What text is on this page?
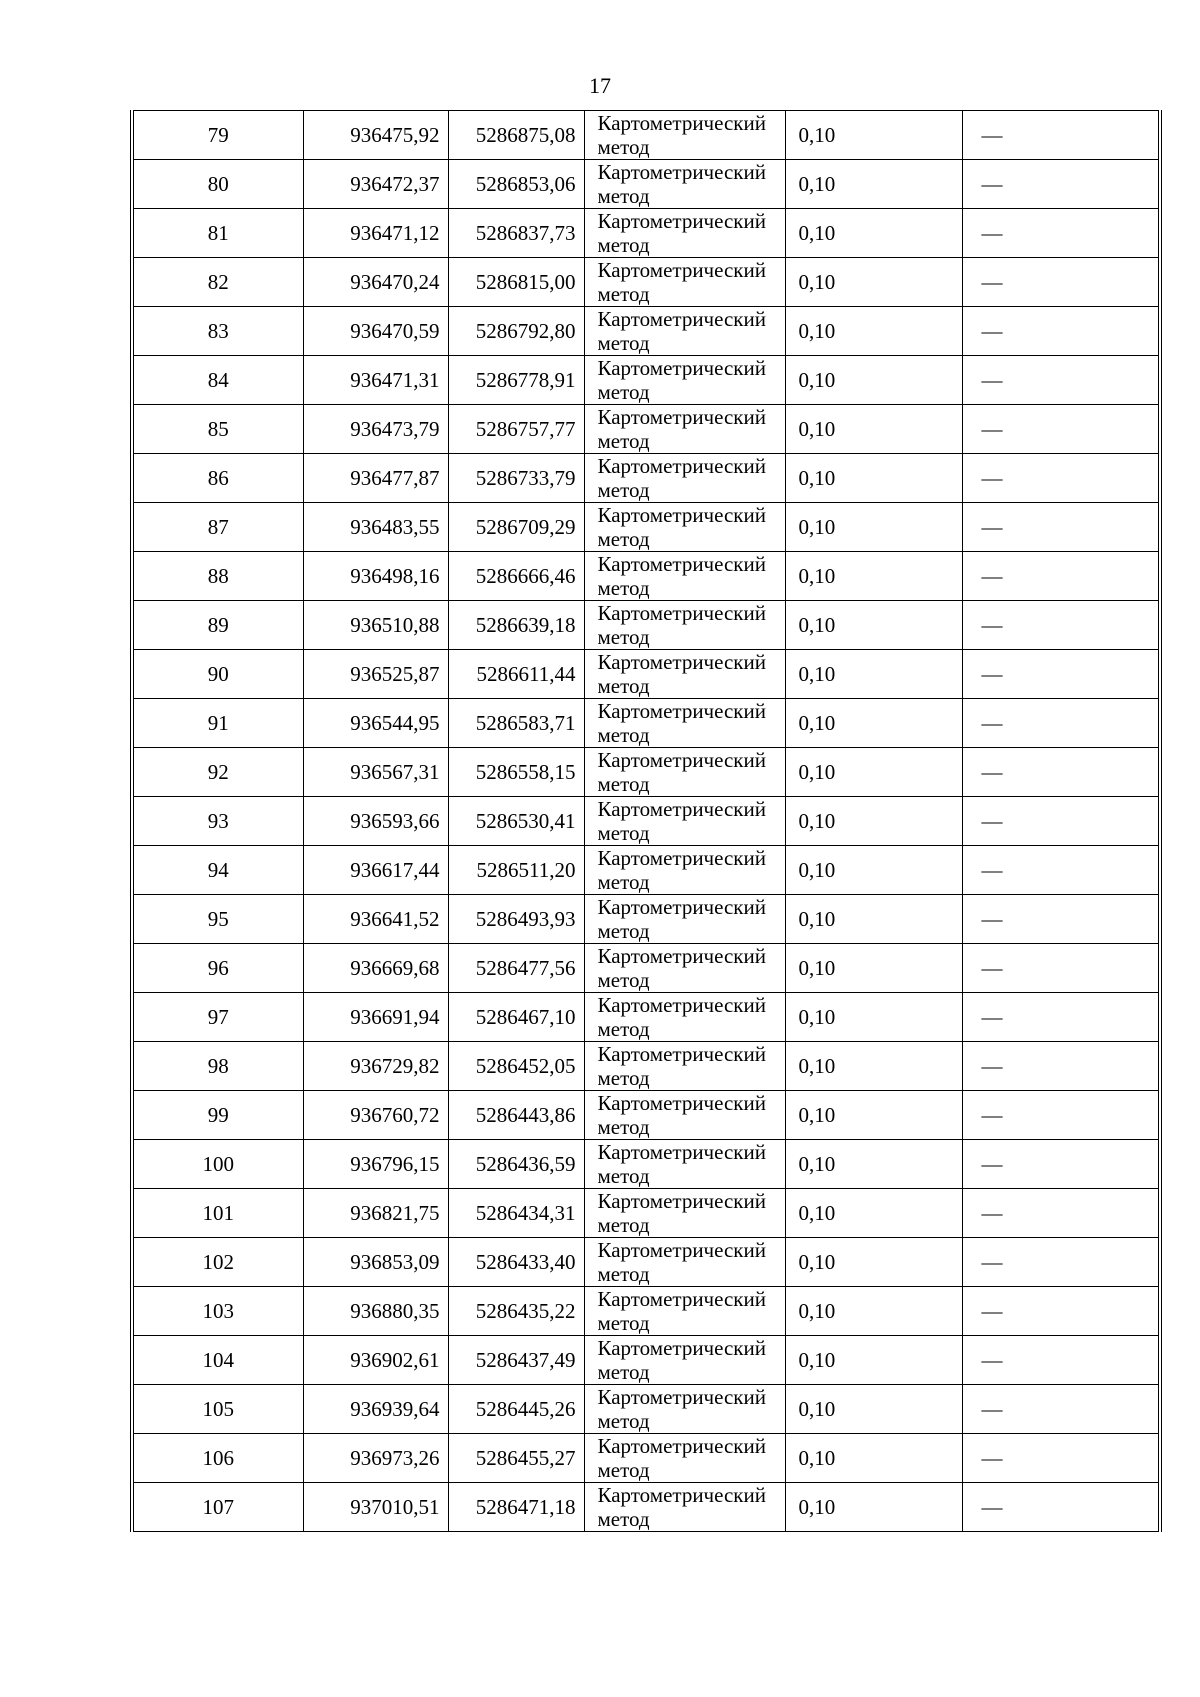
17
79	936475,92	5286875,08	Картометрический
метод	0,10	—
80	936472,37	5286853,06	Картометрический
метод	0,10	—
81	936471,12	5286837,73	Картометрический
метод	0,10	—
82	936470,24	5286815,00	Картометрический
метод	0,10	—
83	936470,59	5286792,80	Картометрический
метод	0,10	—
84	936471,31	5286778,91	Картометрический
метод	0,10	—
85	936473,79	5286757,77	Картометрический
метод	0,10	—
86	936477,87	5286733,79	Картометрический
метод	0,10	—
87	936483,55	5286709,29	Картометрический
метод	0,10	—
88	936498,16	5286666,46	Картометрический
метод	0,10	—
89	936510,88	5286639,18	Картометрический
метод	0,10	—
90	936525,87	5286611,44	Картометрический
метод	0,10	—
91	936544,95	5286583,71	Картометрический
метод	0,10	—
92	936567,31	5286558,15	Картометрический
метод	0,10	—
93	936593,66	5286530,41	Картометрический
метод	0,10	—
94	936617,44	5286511,20	Картометрический
метод	0,10	—
95	936641,52	5286493,93	Картометрический
метод	0,10	—
96	936669,68	5286477,56	Картометрический
метод	0,10	—
97	936691,94	5286467,10	Картометрический
метод	0,10	—
98	936729,82	5286452,05	Картометрический
метод	0,10	—
99	936760,72	5286443,86	Картометрический
метод	0,10	—
100	936796,15	5286436,59	Картометрический
метод	0,10	—
101	936821,75	5286434,31	Картометрический
метод	0,10	—
102	936853,09	5286433,40	Картометрический
метод	0,10	—
103	936880,35	5286435,22	Картометрический
метод	0,10	—
104	936902,61	5286437,49	Картометрический
метод	0,10	—
105	936939,64	5286445,26	Картометрический
метод	0,10	—
106	936973,26	5286455,27	Картометрический
метод	0,10	—
107	937010,51	5286471,18	Картометрический
метод	0,10	—
